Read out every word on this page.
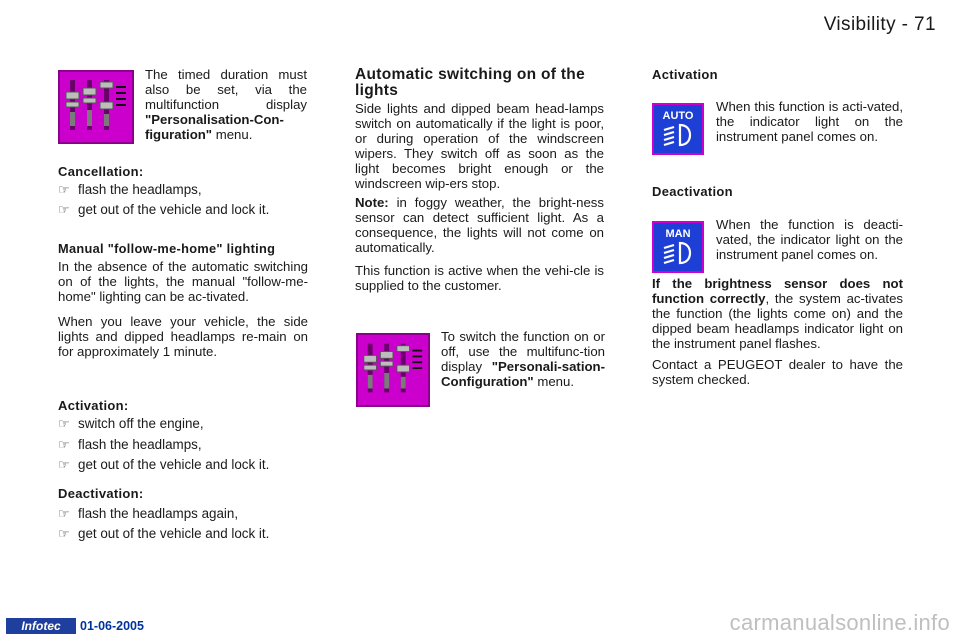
Visibility - 71
The timed duration must also be set, via the multifunction display "Personalisation-Con-figuration" menu.
Cancellation:
☞ flash the headlamps,
☞ get out of the vehicle and lock it.
Manual "follow-me-home" lighting
In the absence of the automatic switching on of the lights, the manual "follow-me-home" lighting can be ac-tivated.
When you leave your vehicle, the side lights and dipped headlamps re-main on for approximately 1 minute.
Activation:
☞ switch off the engine,
☞ flash the headlamps,
☞ get out of the vehicle and lock it.
Deactivation:
☞ flash the headlamps again,
☞ get out of the vehicle and lock it.
Automatic switching on of the lights
Side lights and dipped beam head-lamps switch on automatically if the light is poor, or during operation of the windscreen wipers. They switch off as soon as the light becomes bright enough or the windscreen wip-ers stop.
Note: in foggy weather, the bright-ness sensor can detect sufficient light. As a consequence, the lights will not come on automatically.
This function is active when the vehi-cle is supplied to the customer.
To switch the function on or off, use the multifunc-tion display "Personali-sation-Configuration" menu.
Activation
AUTO
When this function is acti-vated, the indicator light on the instrument panel comes on.
Deactivation
MAN
When the function is deacti-vated, the indicator light on the instrument panel comes on.
If the brightness sensor does not function correctly, the system ac-tivates the function (the lights come on) and the dipped beam headlamps indicator light on the instrument panel flashes.
Contact a PEUGEOT dealer to have the system checked.
Infotec	01-06-2005	carmanualsonline.info
